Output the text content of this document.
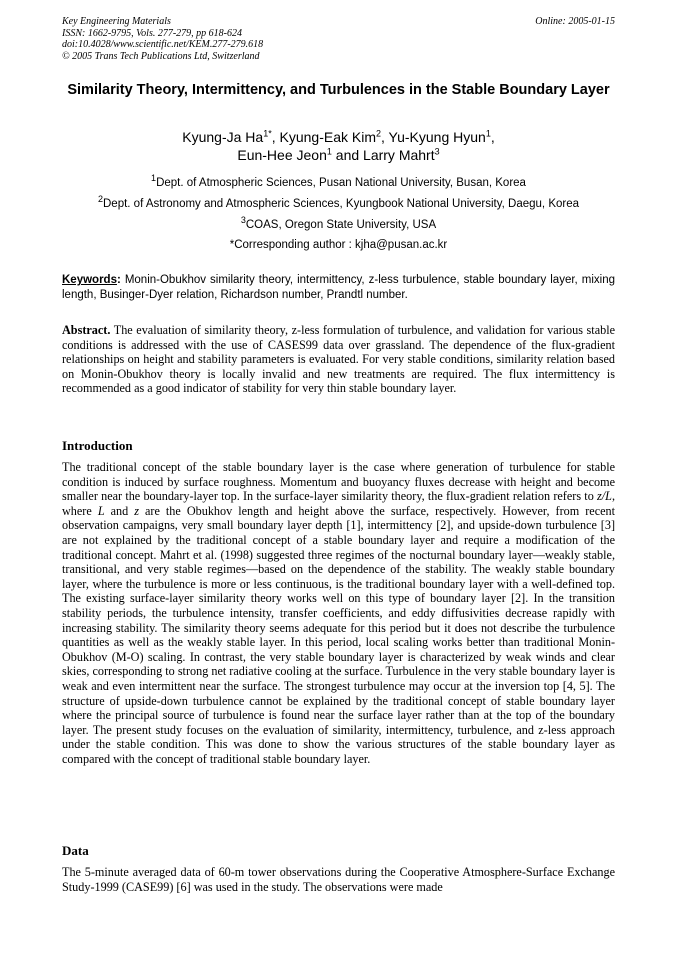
Key Engineering Materials	Online: 2005-01-15
ISSN: 1662-9795, Vols. 277-279, pp 618-624
doi:10.4028/www.scientific.net/KEM.277-279.618
© 2005 Trans Tech Publications Ltd, Switzerland
Similarity Theory, Intermittency, and Turbulences in the Stable Boundary Layer
Kyung-Ja $Ha^{1*}$, Kyung-Eak Kim$^2$, Yu-Kyung Hyun$^1$,
Eun-Hee Jeon$^1$ and Larry Mahrt$^3$
$^1$Dept. of Atmospheric Sciences, Pusan National University, Busan, Korea
$^2$Dept. of Astronomy and Atmospheric Sciences, Kyungbook National University, Daegu, Korea
$^3$COAS, Oregon State University, USA
*Corresponding author : kjha@pusan.ac.kr
Keywords: Monin-Obukhov similarity theory, intermittency, z-less turbulence, stable boundary layer, mixing length, Businger-Dyer relation, Richardson number, Prandtl number.
Abstract. The evaluation of similarity theory, z-less formulation of turbulence, and validation for various stable conditions is addressed with the use of CASES99 data over grassland. The dependence of the flux-gradient relationships on height and stability parameters is evaluated. For very stable conditions, similarity relation based on Monin-Obukhov theory is locally invalid and new treatments are required. The flux intermittency is recommended as a good indicator of stability for very thin stable boundary layer.
Introduction
The traditional concept of the stable boundary layer is the case where generation of turbulence for stable condition is induced by surface roughness. Momentum and buoyancy fluxes decrease with height and become smaller near the boundary-layer top. In the surface-layer similarity theory, the flux-gradient relation refers to z/L, where L and z are the Obukhov length and height above the surface, respectively. However, from recent observation campaigns, very small boundary layer depth [1], intermittency [2], and upside-down turbulence [3] are not explained by the traditional concept of a stable boundary layer and require a modification of the traditional concept. Mahrt et al. (1998) suggested three regimes of the nocturnal boundary layer—weakly stable, transitional, and very stable regimes—based on the dependence of the stability. The weakly stable boundary layer, where the turbulence is more or less continuous, is the traditional boundary layer with a well-defined top. The existing surface-layer similarity theory works well on this type of boundary layer [2]. In the transition stability periods, the turbulence intensity, transfer coefficients, and eddy diffusivities decrease rapidly with increasing stability. The similarity theory seems adequate for this period but it does not describe the turbulence quantities as well as the weakly stable layer. In this period, local scaling works better than traditional Monin-Obukhov (M-O) scaling. In contrast, the very stable boundary layer is characterized by weak winds and clear skies, corresponding to strong net radiative cooling at the surface. Turbulence in the very stable boundary layer is weak and even intermittent near the surface. The strongest turbulence may occur at the inversion top [4, 5]. The structure of upside-down turbulence cannot be explained by the traditional concept of stable boundary layer where the principal source of turbulence is found near the surface layer rather than at the top of the boundary layer. The present study focuses on the evaluation of similarity, intermittency, turbulence, and z-less approach under the stable condition. This was done to show the various structures of the stable boundary layer as compared with the concept of traditional stable boundary layer.
Data
The 5-minute averaged data of 60-m tower observations during the Cooperative Atmosphere-Surface Exchange Study-1999 (CASE99) [6] was used in the study. The observations were made
